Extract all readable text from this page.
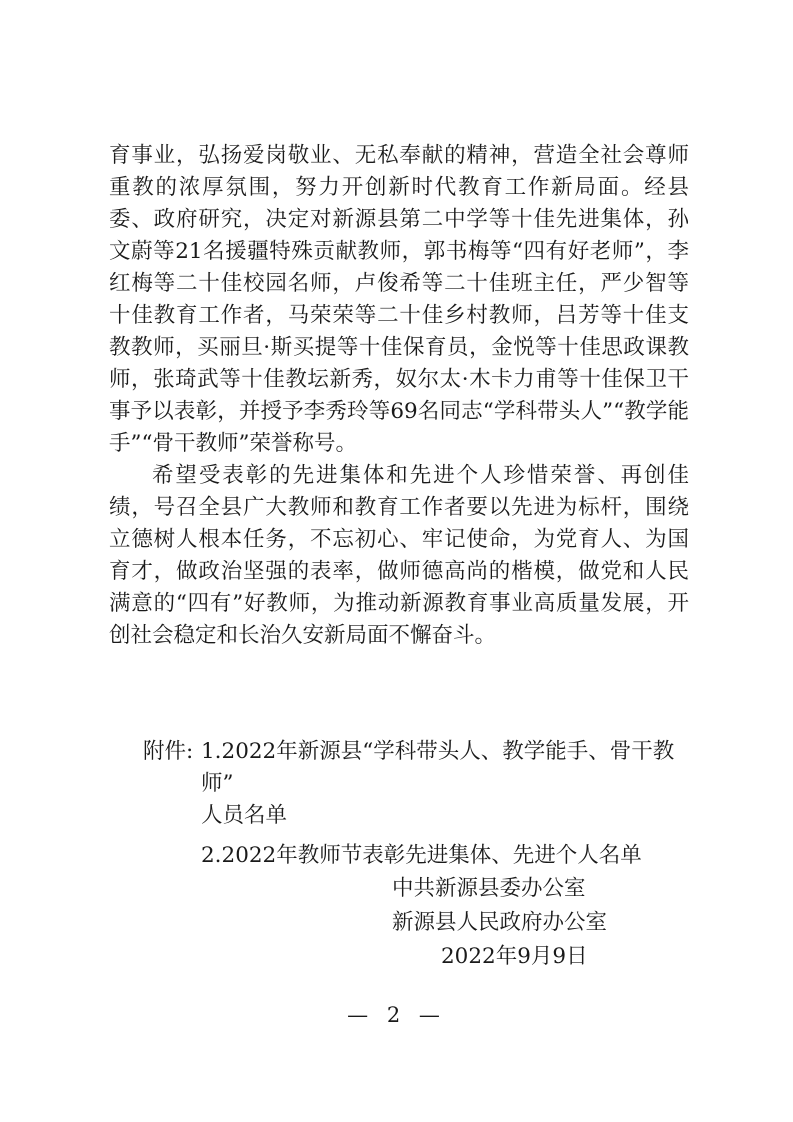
育事业，弘扬爱岗敬业、无私奉献的精神，营造全社会尊师重教的浓厚氛围，努力开创新时代教育工作新局面。经县委、政府研究，决定对新源县第二中学等十佳先进集体，孙文蔚等21名援疆特殊贡献教师，郭书梅等“四有好老师”，李红梅等二十佳校园名师，卢俊希等二十佳班主任，严少智等十佳教育工作者，马荣荣等二十佳乡村教师，吕芳等十佳支教教师，买丽旦·斯买提等十佳保育员，金悦等十佳思政课教师，张琦武等十佳教坛新秀，奴尔太·木卡力甫等十佳保卫干事予以表彰，并授予李秀玲等69名同志“学科带头人”“教学能手”“骨干教师”荣誉称号。

希望受表彰的先进集体和先进个人珍惜荣誉、再创佳绩，号召全县广大教师和教育工作者要以先进为标杆，围绕立德树人根本任务，不忘初心、牢记使命，为党育人、为国育才，做政治坚强的表率，做师德高尚的楷模，做党和人民满意的“四有”好教师，为推动新源教育事业高质量发展，开创社会稳定和长治久安新局面不懈奋斗。

附件: 1.2022年新源县“学科带头人、教学能手、骨干教师”

人员名单

2.2022年教师节表彰先进集体、先进个人名单

中共新源县委办公室
新源县人民政府办公室
2022年9月9日
— 2 —
